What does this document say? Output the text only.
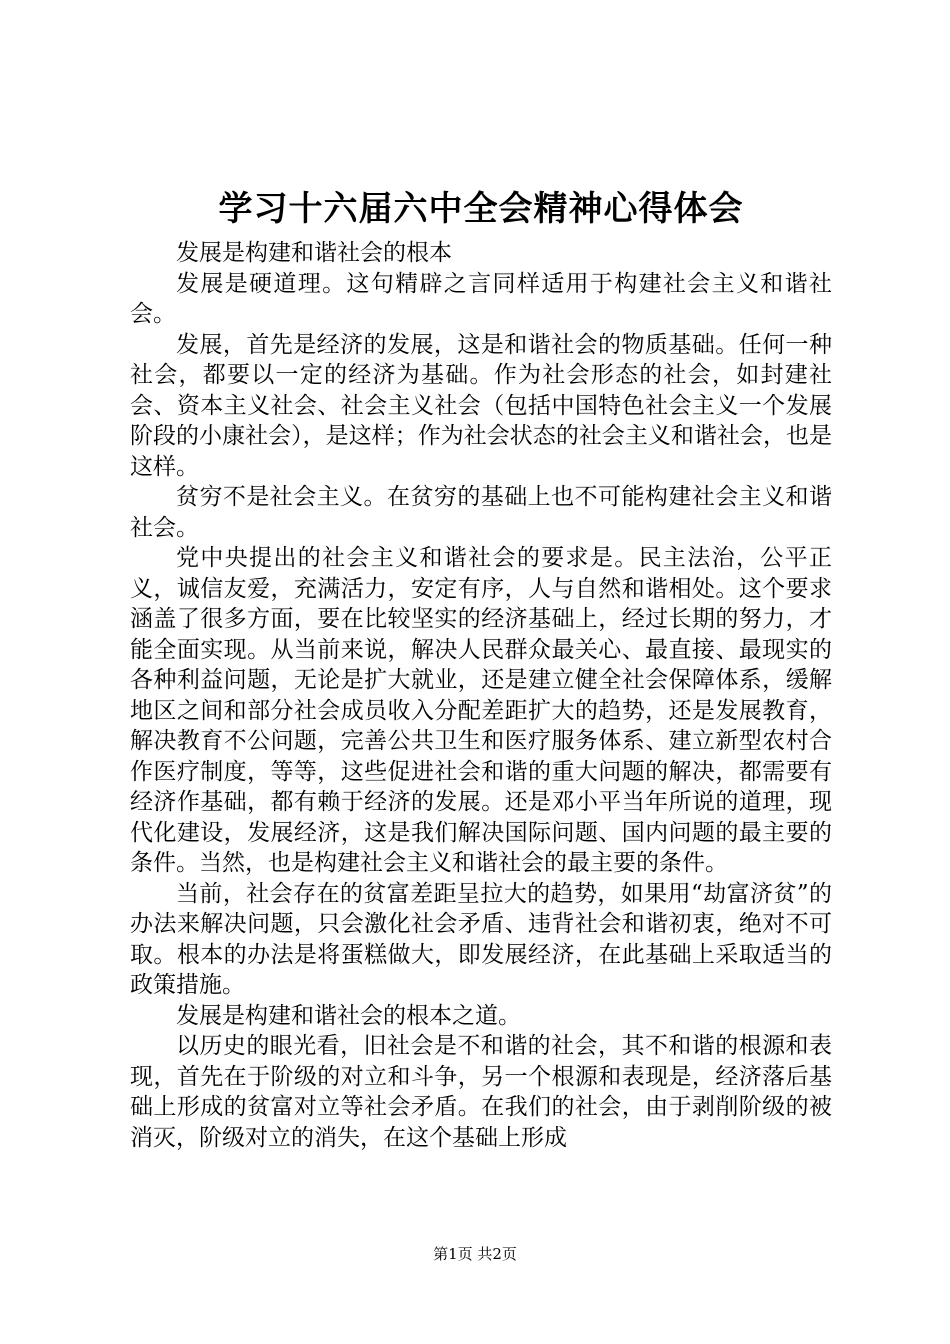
学习十六届六中全会精神心得体会

发展是构建和谐社会的根本

发展是硬道理。这句精辟之言同样适用于构建社会主义和谐社会。

发展，首先是经济的发展，这是和谐社会的物质基础。任何一种社会，都要以一定的经济为基础。作为社会形态的社会，如封建社会、资本主义社会、社会主义社会（包括中国特色社会主义一个发展阶段的小康社会），是这样；作为社会状态的社会主义和谐社会，也是这样。

贫穷不是社会主义。在贫穷的基础上也不可能构建社会主义和谐社会。

党中央提出的社会主义和谐社会的要求是。民主法治，公平正义，诚信友爱，充满活力，安定有序，人与自然和谐相处。这个要求涵盖了很多方面，要在比较坚实的经济基础上，经过长期的努力，才能全面实现。从当前来说，解决人民群众最关心、最直接、最现实的各种利益问题，无论是扩大就业，还是建立健全社会保障体系，缓解地区之间和部分社会成员收入分配差距扩大的趋势，还是发展教育，解决教育不公问题，完善公共卫生和医疗服务体系、建立新型农村合作医疗制度，等等，这些促进社会和谐的重大问题的解决，都需要有经济作基础，都有赖于经济的发展。还是邓小平当年所说的道理，现代化建设，发展经济，这是我们解决国际问题、国内问题的最主要的条件。当然，也是构建社会主义和谐社会的最主要的条件。

当前，社会存在的贫富差距呈拉大的趋势，如果用“劫富济贫”的办法来解决问题，只会激化社会矛盾、违背社会和谐初衷，绝对不可取。根本的办法是将蛋糕做大，即发展经济，在此基础上采取适当的政策措施。

发展是构建和谐社会的根本之道。

以历史的眼光看，旧社会是不和谐的社会，其不和谐的根源和表现，首先在于阶级的对立和斗争，另一个根源和表现是，经济落后基础上形成的贫富对立等社会矛盾。在我们的社会，由于剥削阶级的被消灭，阶级对立的消失，在这个基础上形成

第1页 共2页
